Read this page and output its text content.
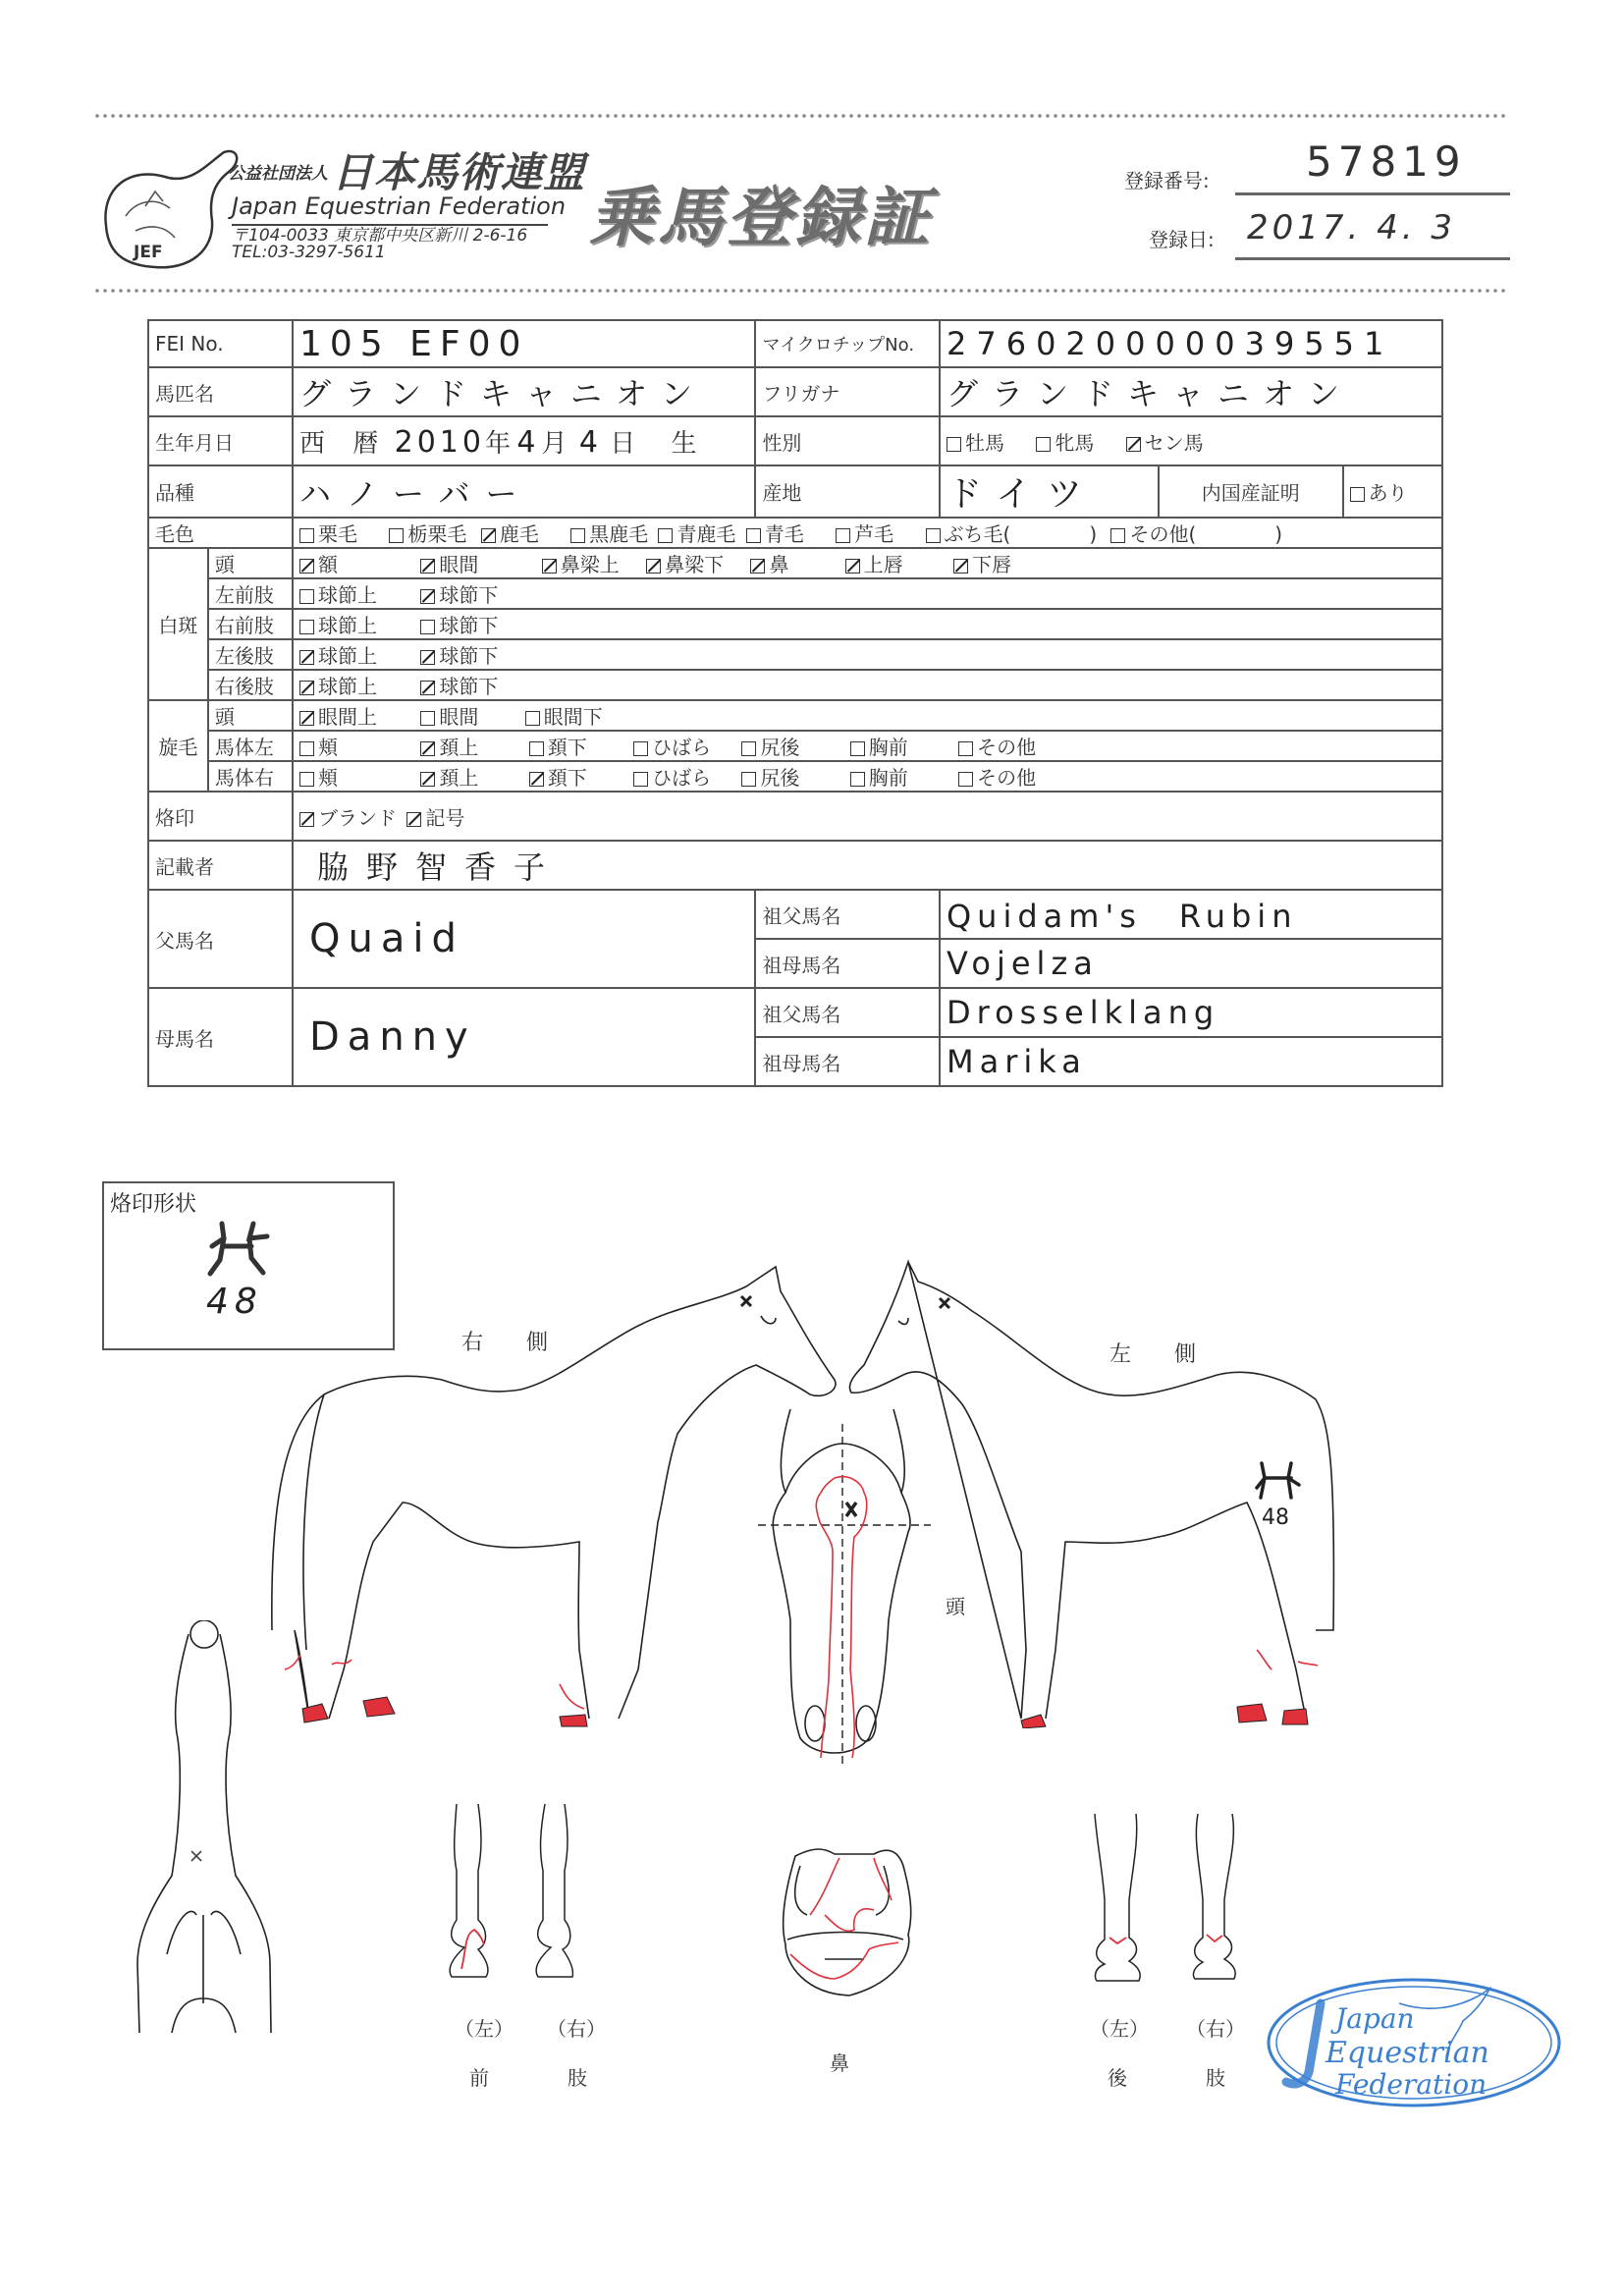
JEF
公益社団法人 日本馬術連盟
Japan Equestrian Federation
〒104-0033 東京都中央区新川 2-6-16
TEL:03-3297-5611	乗馬登録証	登録番号: 57819
登録日: 2017. 4. 3
FEI No.		105 EF00	マイクロチップNo.	276020000039551		
馬匹名		グランドキャニオン	フリガナ	グランドキャニオン		
生年月日		西 暦 2010年 4月 4 日 生	性別	牡馬 牝馬 セン馬		
品種		ハノーバー	産地	ドイツ	内国産証明	あり
毛色		栗毛 栃栗毛 鹿毛 黒鹿毛 青鹿毛 青毛 芦毛 ぶち毛(　　　　) その他(　　　　)				
白斑	頭	額 眼間 鼻梁上 鼻梁下 鼻 上唇 下唇				
	左前肢	球節上 球節下				
	右前肢	球節上 球節下				
	左後肢	球節上 球節下				
	右後肢	球節上 球節下				
旋毛	頭	眼間上 眼間 眼間下				
	馬体左	頬 頚上 頚下 ひばら 尻後 胸前 その他				
	馬体右	頬 頚上 頚下 ひばら 尻後 胸前 その他				
烙印		ブランド 記号				
記載者		脇野智香子				
父馬名		Quaid	祖父馬名	Quidam's　Rubin		
			祖母馬名	Vojelza		
母馬名		Danny	祖父馬名	Drosselklang		
			祖母馬名	Marika		
烙印形状
48
右側	左側
頭
48
（左） （右）
前	肢
鼻
（左） （右）
後	肢
Japan
Equestrian
Federation
